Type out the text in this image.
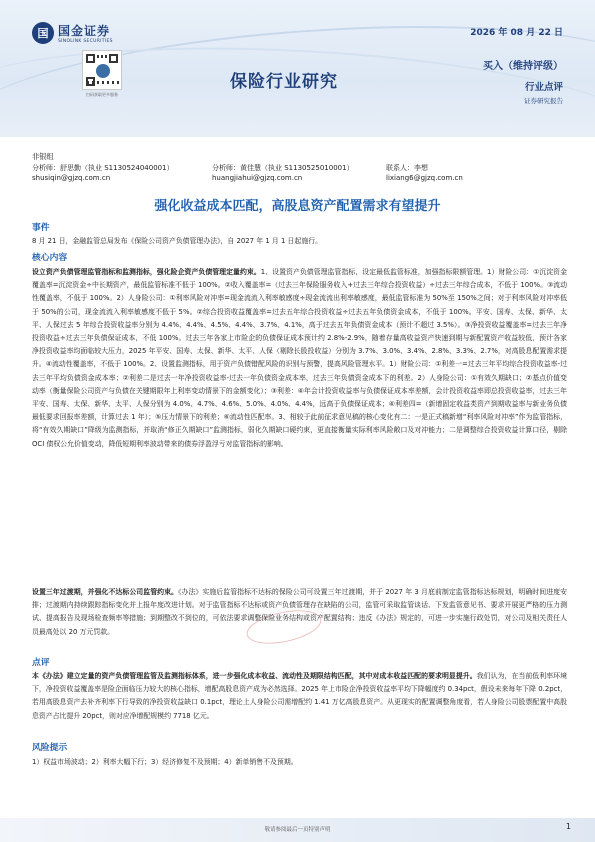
国 国金证券
SINOLINK SECURITIES
扫码获取更多服务
保险行业研究
2026 年 08 月 22 日
买入（维持评级）
行业点评
证券研究报告
非银组
分析师：舒思勤（执业 S1130524040001）
shusiqin@gjzq.com.cn
分析师：黄佳慧（执业 S1130525010001）
huangjiahui@gjzq.com.cn
联系人：李想
lixiang6@gjzq.com.cn
强化收益成本匹配，高股息资产配置需求有望提升
事件
8 月 21 日，金融监管总局发布《保险公司资产负债管理办法》，自 2027 年 1 月 1 日起施行。
核心内容
设立资产负债管理监管指标和监测指标，强化险企资产负债管理定量约束。1、设置资产负债管理监管指标，设定最低监管标准，加强指标限额管理。1）财险公司：①沉淀资金覆盖率=沉淀资金÷中长期资产，最低监管标准不低于 100%。②收入覆盖率=（过去三年保险服务收入+过去三年综合投资收益）÷过去三年综合成本，不低于 100%。③流动性覆盖率，不低于 100%。2）人身险公司：①利率风险对冲率=现金流流入利率敏感度÷现金流流出利率敏感度，最低监管标准为 50%至 150%之间；对于利率风险对冲率低于 50%的公司，现金流流入利率敏感度不低于 5%。②综合投资收益覆盖率=过去五年综合投资收益÷过去五年负债资金成本，不低于 100%。平安、国寿、太保、新华、太平、人保过去 5 年综合投资收益率分别为 4.4%、4.4%、4.5%、4.4%、3.7%、4.1%，高于过去五年负债资金成本（预计不超过 3.5%）。③净投资收益覆盖率=过去三年净投资收益÷过去三年负债保证成本，不低 100%。过去三年各家上市险企的负债保证成本预计约 2.8%-2.9%，随着存量高收益资产快速到期与新配置资产收益较低，预计各家净投资收益率均面临较大压力，2025 年平安、国寿、太保、新华、太平、人保（剔除长股投收益）分别为 3.7%、3.0%、3.4%、2.8%、3.3%、2.7%，对高股息配置需求提升。④流动性覆盖率，不低于 100%。2、设置监测指标，用于资产负债错配风险的识别与预警，提高风险管理水平。1）财险公司：①利差一=过去三年平均综合投资收益率-过去三年平均负债资金成本率；②利差二是过去一年净投资收益率-过去一年负债资金成本率，过去三年负债资金成本下的利差。2）人身险公司：①有效久期缺口；②基点价值变动率（衡量保险公司资产与负债在关键期限年上利率变动情景下的金额变化）；③利差：④年会计投资收益率与负债保证成本率差额，会计投资收益率即总投资收益率，过去三年平安、国寿、太保、新华、太平、人保分别为 4.0%、4.7%、4.6%、5.0%、4.0%、4.4%，远高于负债保证成本；④利差四=（新增固定收益类资产到期收益率与新业务负债最低要求回报率差额，计算过去 1 年）；⑤压力情景下的利差；⑥流动性匹配率。3、相较于此前征求意见稿的核心变化有二：一是正式稿新增“利率风险对冲率”作为监管指标，将“有效久期缺口”降级为监测指标，并取消“修正久期缺口”监测指标，弱化久期缺口硬约束，更直接衡量实际利率风险敞口及对冲能力；二是调整综合投资收益计算口径，剔除 OCI 债权公允价值变动，降低短期利率波动带来的债券浮盈浮亏对监管指标的影响。
设置三年过渡期，并强化不达标公司监管约束。《办法》实施后监管指标不达标的保险公司可设置三年过渡期，并于 2027 年 3 月底前制定监管指标达标规划，明确时间进度安排；过渡期内持续跟踪指标变化并上报年度改进计划。对于监管指标不达标或资产负债管理存在缺陷的公司，监管可采取监管谈话、下发监管意见书、要求开展更严格的压力测试、提高报告及现场检查频率等措施；到期整改不到位的，可依法要求调整保险业务结构或资产配置结构；违反《办法》规定的，可进一步实施行政处罚，对公司及相关责任人员最高处以 20 万元罚款。
点评
本《办法》建立定量的资产负债管理监管及监测指标体系，进一步强化成本收益、流动性及期限结构匹配，其中对成本收益匹配的要求明显提升。我们认为，在当前低利率环境下，净投资收益覆盖率是险企面临压力较大的核心指标，增配高股息资产成为必然选择。2025 年上市险企净投资收益率平均下降幅度约 0.34pct，假设未来每年下降 0.2pct，若用高股息资产去补齐利率下行导致的净投资收益缺口 0.1pct，理论上人身险公司需增配约 1.41 万亿高股息资产。从更现实的配置调整角度看，若人身险公司股票配置中高股息资产占比提升 20pct，则对应净增配规模约 7718 亿元。
风险提示
1）权益市场波动；2）利率大幅下行；3）经济修复不及预期；4）新单销售不及预期。
敬请参阅最后一页特别声明	1
